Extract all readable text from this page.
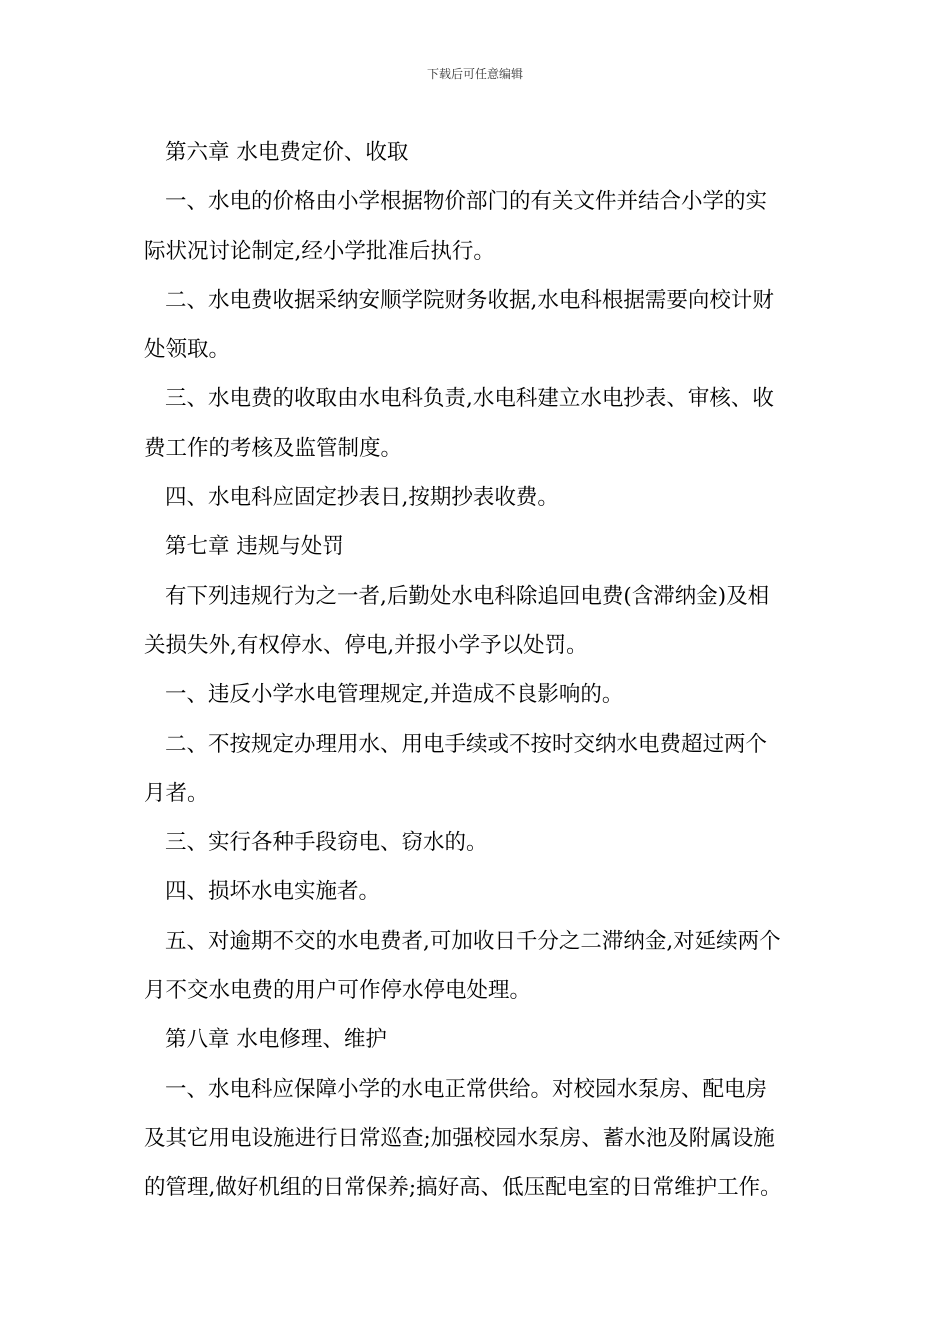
下载后可任意编辑
第六章 水电费定价、收取
一、水电的价格由小学根据物价部门的有关文件并结合小学的实
际状况讨论制定,经小学批准后执行。
二、水电费收据采纳安顺学院财务收据,水电科根据需要向校计财
处领取。
三、水电费的收取由水电科负责,水电科建立水电抄表、审核、收
费工作的考核及监管制度。
四、水电科应固定抄表日,按期抄表收费。
第七章 违规与处罚
有下列违规行为之一者,后勤处水电科除追回电费(含滞纳金)及相
关损失外,有权停水、停电,并报小学予以处罚。
一、违反小学水电管理规定,并造成不良影响的。
二、不按规定办理用水、用电手续或不按时交纳水电费超过两个
月者。
三、实行各种手段窃电、窃水的。
四、损坏水电实施者。
五、对逾期不交的水电费者,可加收日千分之二滞纳金,对延续两个
月不交水电费的用户可作停水停电处理。
第八章 水电修理、维护
一、水电科应保障小学的水电正常供给。对校园水泵房、配电房
及其它用电设施进行日常巡查;加强校园水泵房、蓄水池及附属设施
的管理,做好机组的日常保养;搞好高、低压配电室的日常维护工作。
